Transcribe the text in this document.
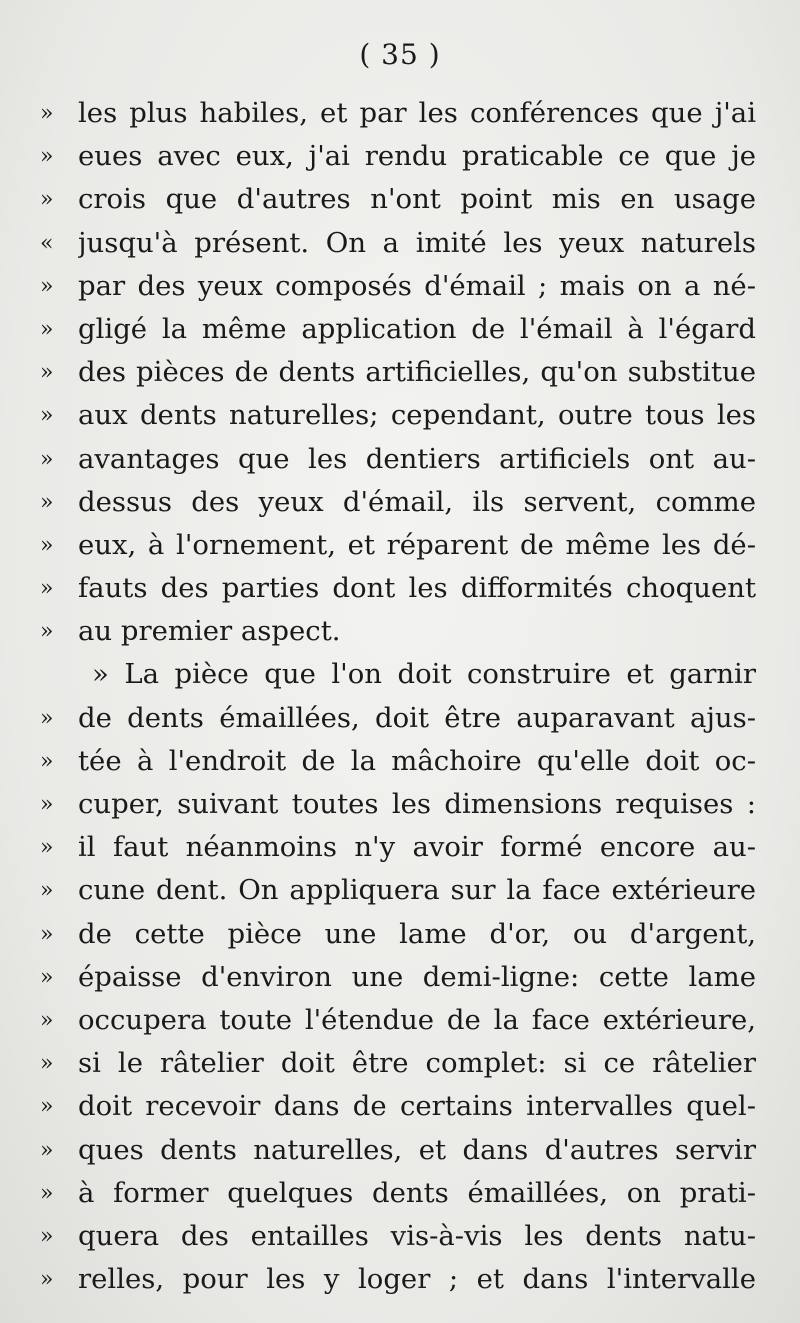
( 35 )
» les plus habiles, et par les conférences que j'ai
» eues avec eux, j'ai rendu praticable ce que je
» crois que d'autres n'ont point mis en usage
« jusqu'à présent. On a imité les yeux naturels
» par des yeux composés d'émail ; mais on a né-
» gligé la même application de l'émail à l'égard
» des pièces de dents artificielles, qu'on substitue
» aux dents naturelles; cependant, outre tous les
» avantages que les dentiers artificiels ont au-
» dessus des yeux d'émail, ils servent, comme
» eux, à l'ornement, et réparent de même les dé-
» fauts des parties dont les difformités choquent
» au premier aspect.
» La pièce que l'on doit construire et garnir
» de dents émaillées, doit être auparavant ajus-
» tée à l'endroit de la mâchoire qu'elle doit oc-
» cuper, suivant toutes les dimensions requises :
» il faut néanmoins n'y avoir formé encore au-
» cune dent. On appliquera sur la face extérieure
» de cette pièce une lame d'or, ou d'argent,
» épaisse d'environ une demi-ligne: cette lame
» occupera toute l'étendue de la face extérieure,
» si le râtelier doit être complet: si ce râtelier
» doit recevoir dans de certains intervalles quel-
» ques dents naturelles, et dans d'autres servir
» à former quelques dents émaillées, on prati-
» quera des entailles vis-à-vis les dents natu-
» relles, pour les y loger ; et dans l'intervalle
